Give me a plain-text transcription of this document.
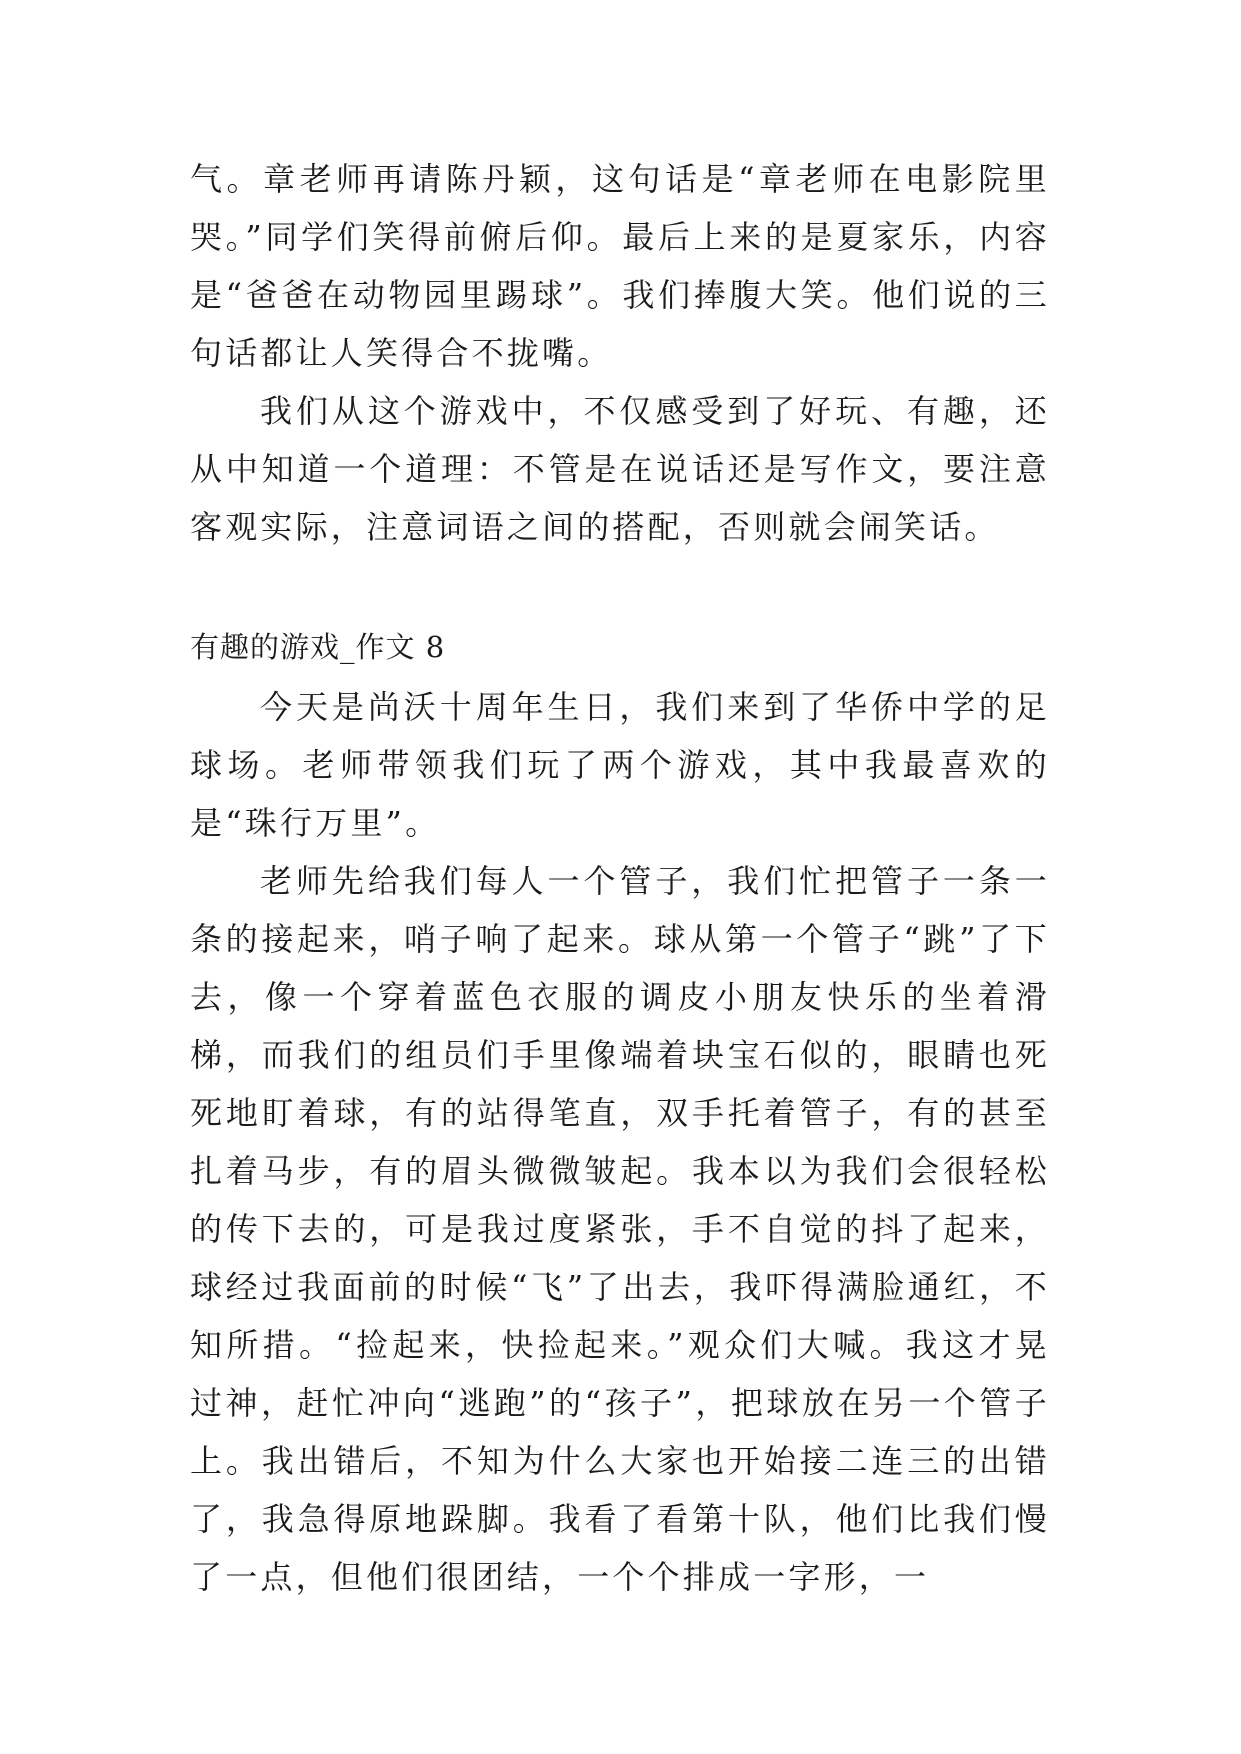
气。章老师再请陈丹颖，这句话是“章老师在电影院里哭。”同学们笑得前俯后仰。最后上来的是夏家乐，内容是“爸爸在动物园里踢球”。我们捧腹大笑。他们说的三句话都让人笑得合不拢嘴。

我们从这个游戏中，不仅感受到了好玩、有趣，还从中知道一个道理：不管是在说话还是写作文，要注意客观实际，注意词语之间的搭配，否则就会闹笑话。

有趣的游戏_作文 8

今天是尚沃十周年生日，我们来到了华侨中学的足球场。老师带领我们玩了两个游戏，其中我最喜欢的是“珠行万里”。

老师先给我们每人一个管子，我们忙把管子一条一条的接起来，哨子响了起来。球从第一个管子“跳”了下去，像一个穿着蓝色衣服的调皮小朋友快乐的坐着滑梯，而我们的组员们手里像端着块宝石似的，眼睛也死死地盯着球，有的站得笔直，双手托着管子，有的甚至扎着马步，有的眉头微微皱起。我本以为我们会很轻松的传下去的，可是我过度紧张，手不自觉的抖了起来，球经过我面前的时候“飞”了出去，我吓得满脸通红，不知所措。“捡起来，快捡起来。”观众们大喊。我这才晃过神，赶忙冲向“逃跑”的“孩子”，把球放在另一个管子上。我出错后，不知为什么大家也开始接二连三的出错了，我急得原地跺脚。我看了看第十队，他们比我们慢了一点，但他们很团结，一个个排成一字形，一
